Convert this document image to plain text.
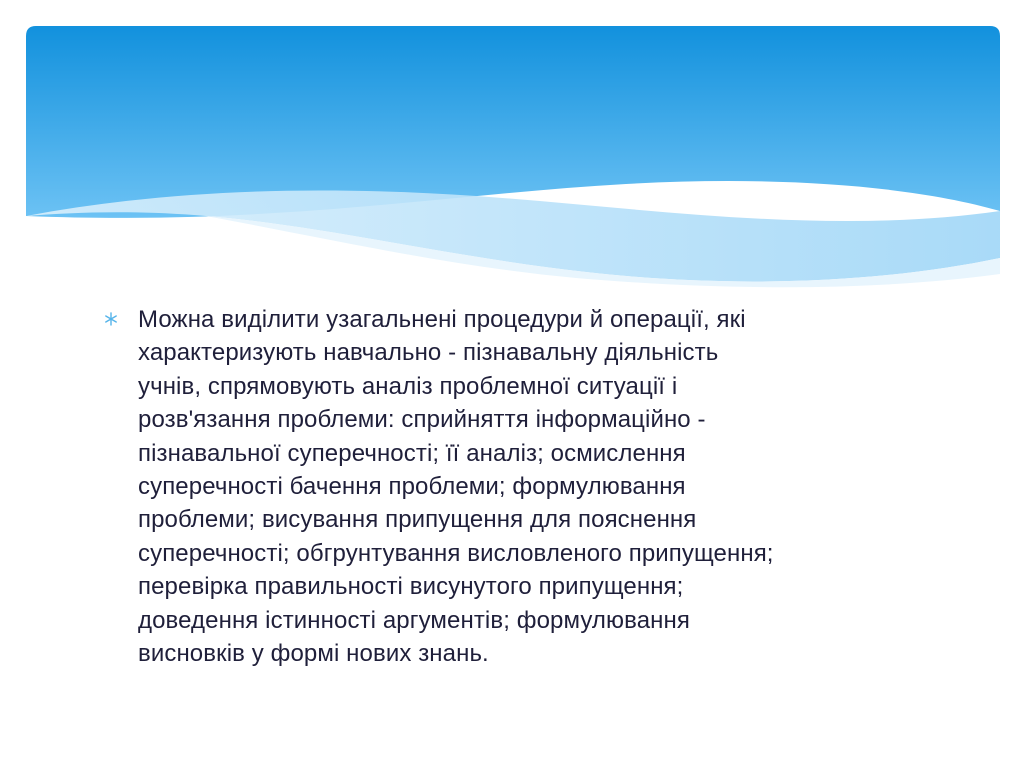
Можна виділити узагальнені процедури й операції, які
характеризують навчально - пізнавальну діяльність
учнів, спрямовують аналіз проблемної ситуації і
розв'язання проблеми: сприйняття інформаційно -
пізнавальної суперечності; її аналіз; осмислення
суперечності бачення проблеми; формулювання
проблеми; висування припущення для пояснення
суперечності; обгрунтування висловленого припущення;
перевірка правильності висунутого припущення;
доведення істинності аргументів; формулювання
висновків у формі нових знань.
